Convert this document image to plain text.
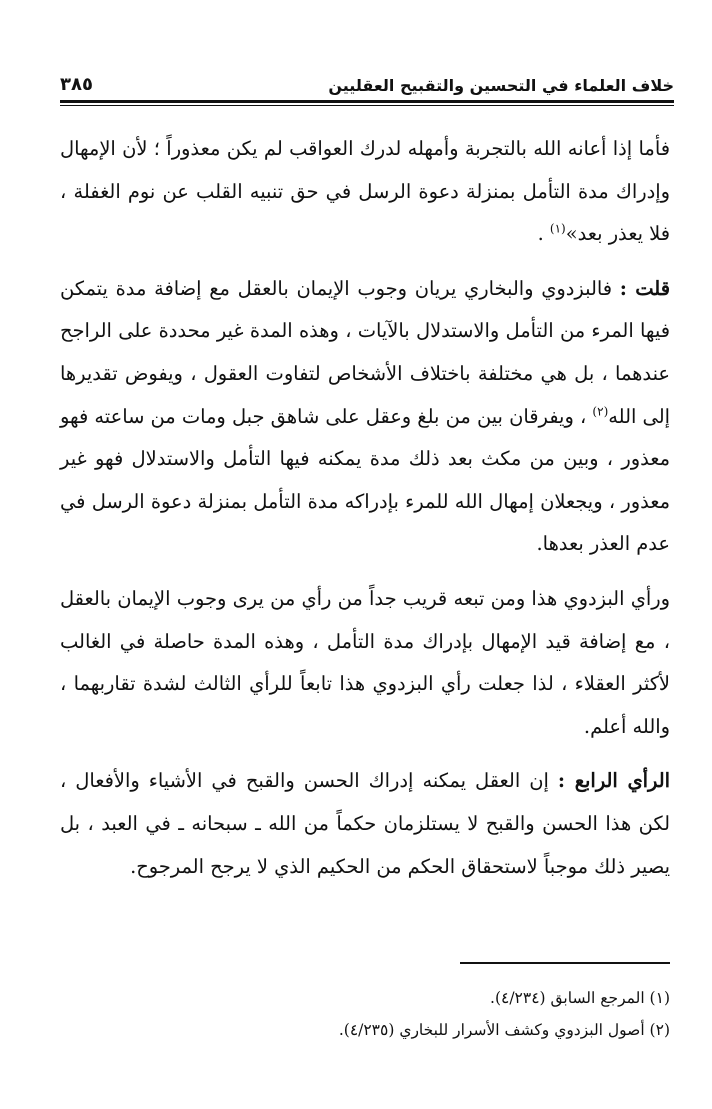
خلاف العلماء في التحسين والتقبيح العقليين
٣٨٥

فأما إذا أعانه الله بالتجربة وأمهله لدرك العواقب لم يكن معذوراً ؛ لأن الإمهال وإدراك مدة التأمل بمنزلة دعوة الرسل في حق تنبيه القلب عن نوم الغفلة ، فلا يعذر بعد»$^{(١)}$ .

قلت : فالبزدوي والبخاري يريان وجوب الإيمان بالعقل مع إضافة مدة يتمكن فيها المرء من التأمل والاستدلال بالآيات ، وهذه المدة غير محددة على الراجح عندهما ، بل هي مختلفة باختلاف الأشخاص لتفاوت العقول ، ويفوض تقديرها إلى الله$^{(٢)}$ ، ويفرقان بين من بلغ وعقل على شاهق جبل ومات من ساعته فهو معذور ، وبين من مكث بعد ذلك مدة يمكنه فيها التأمل والاستدلال فهو غير معذور ، ويجعلان إمهال الله للمرء بإدراكه مدة التأمل بمنزلة دعوة الرسل في عدم العذر بعدها.

ورأي البزدوي هذا ومن تبعه قريب جداً من رأي من يرى وجوب الإيمان بالعقل ، مع إضافة قيد الإمهال بإدراك مدة التأمل ، وهذه المدة حاصلة في الغالب لأكثر العقلاء ، لذا جعلت رأي البزدوي هذا تابعاً للرأي الثالث لشدة تقاربهما ، والله أعلم.

الرأي الرابع : إن العقل يمكنه إدراك الحسن والقبح في الأشياء والأفعال ، لكن هذا الحسن والقبح لا يستلزمان حكماً من الله ـ سبحانه ـ في العبد ، بل يصير ذلك موجباً لاستحقاق الحكم من الحكيم الذي لا يرجح المرجوح.

(١) المرجع السابق (٤/٢٣٤).

(٢) أصول البزدوي وكشف الأسرار للبخاري (٤/٢٣٥).
